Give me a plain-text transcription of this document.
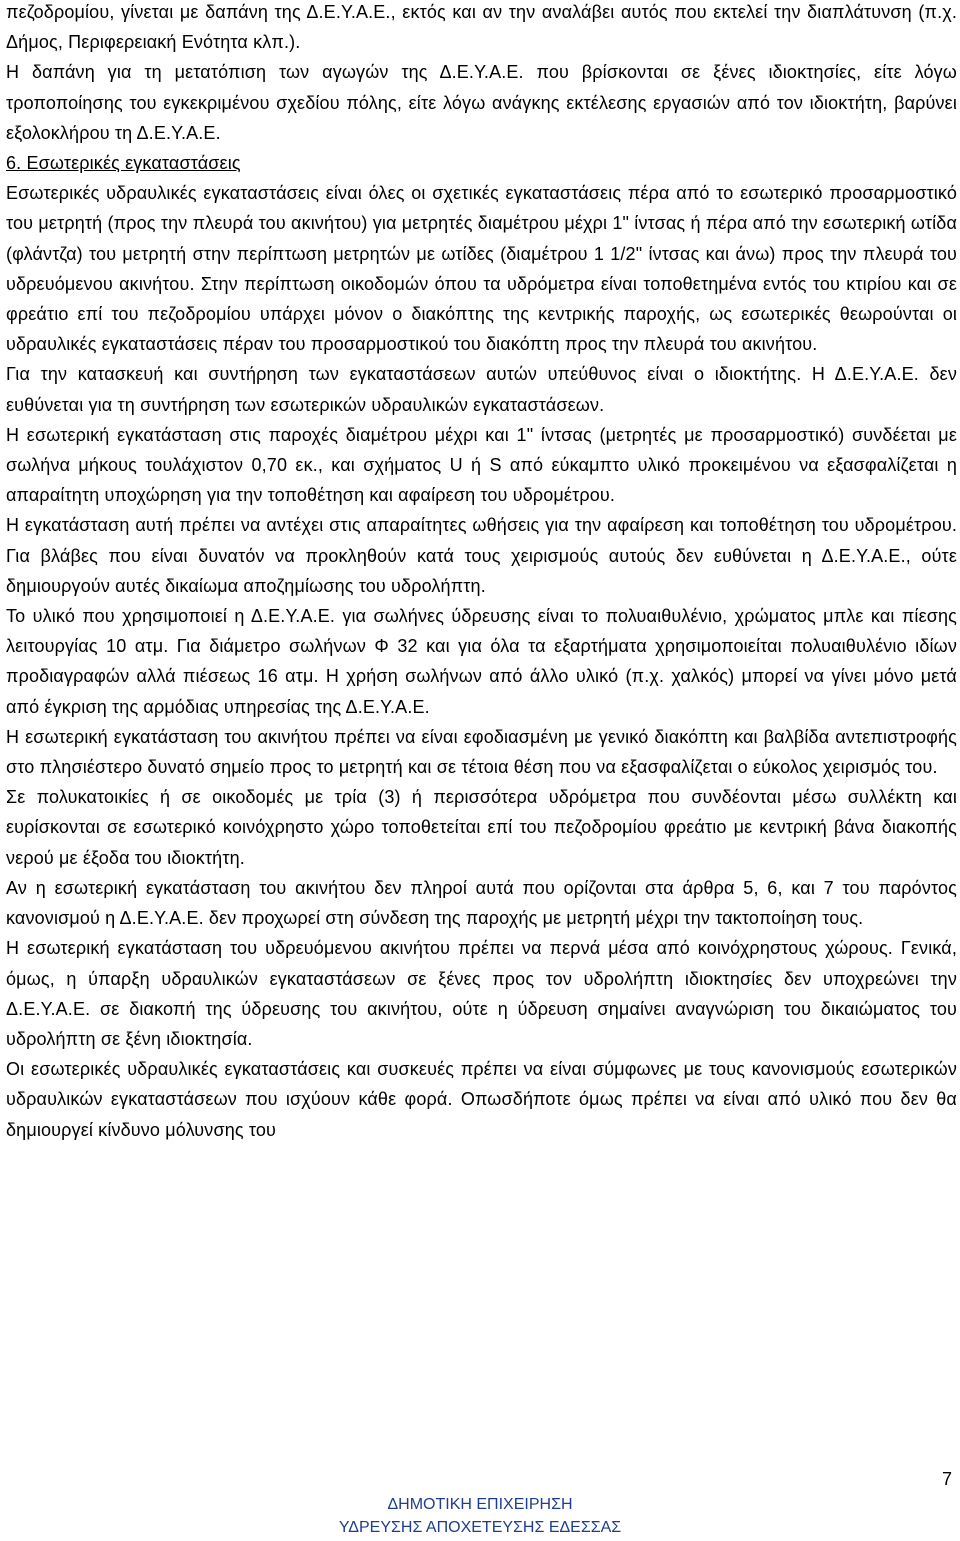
πεζοδρομίου, γίνεται με δαπάνη της Δ.Ε.Υ.Α.Ε., εκτός και αν την αναλάβει αυτός που εκτελεί την διαπλάτυνση (π.χ. Δήμος, Περιφερειακή Ενότητα κλπ.).

Η δαπάνη για τη μετατόπιση των αγωγών της Δ.Ε.Υ.Α.Ε. που βρίσκονται σε ξένες ιδιοκτησίες, είτε λόγω τροποποίησης του εγκεκριμένου σχεδίου πόλης, είτε λόγω ανάγκης εκτέλεσης εργασιών από τον ιδιοκτήτη, βαρύνει εξολοκλήρου τη Δ.Ε.Υ.Α.Ε.

6. Εσωτερικές εγκαταστάσεις

Εσωτερικές υδραυλικές εγκαταστάσεις είναι όλες οι σχετικές εγκαταστάσεις πέρα από το εσωτερικό προσαρμοστικό του μετρητή (προς την πλευρά του ακινήτου) για μετρητές διαμέτρου μέχρι 1" ίντσας ή πέρα από την εσωτερική ωτίδα (φλάντζα) του μετρητή στην περίπτωση μετρητών με ωτίδες (διαμέτρου 1 1/2" ίντσας και άνω) προς την πλευρά του υδρευόμενου ακινήτου. Στην περίπτωση οικοδομών όπου τα υδρόμετρα είναι τοποθετημένα εντός του κτιρίου και σε φρεάτιο επί του πεζοδρομίου υπάρχει μόνον ο διακόπτης της κεντρικής παροχής, ως εσωτερικές θεωρούνται οι υδραυλικές εγκαταστάσεις πέραν του προσαρμοστικού του διακόπτη προς την πλευρά του ακινήτου.

Για την κατασκευή και συντήρηση των εγκαταστάσεων αυτών υπεύθυνος είναι ο ιδιοκτήτης. Η Δ.Ε.Υ.Α.Ε. δεν ευθύνεται για τη συντήρηση των εσωτερικών υδραυλικών εγκαταστάσεων.

Η εσωτερική εγκατάσταση στις παροχές διαμέτρου μέχρι και 1" ίντσας (μετρητές με προσαρμοστικό) συνδέεται με σωλήνα μήκους τουλάχιστον 0,70 εκ., και σχήματος U ή S από εύκαμπτο υλικό προκειμένου να εξασφαλίζεται η απαραίτητη υποχώρηση για την τοποθέτηση και αφαίρεση του υδρομέτρου.

Η εγκατάσταση αυτή πρέπει να αντέχει στις απαραίτητες ωθήσεις για την αφαίρεση και τοποθέτηση του υδρομέτρου. Για βλάβες που είναι δυνατόν να προκληθούν κατά τους χειρισμούς αυτούς δεν ευθύνεται η Δ.Ε.Υ.Α.Ε., ούτε δημιουργούν αυτές δικαίωμα αποζημίωσης του υδρολήπτη.

Το υλικό που χρησιμοποιεί η Δ.Ε.Υ.Α.Ε. για σωλήνες ύδρευσης είναι το πολυαιθυλένιο, χρώματος μπλε και πίεσης λειτουργίας 10 ατμ. Για διάμετρο σωλήνων Φ 32 και για όλα τα εξαρτήματα χρησιμοποιείται πολυαιθυλένιο ιδίων προδιαγραφών αλλά πιέσεως 16 ατμ. Η χρήση σωλήνων από άλλο υλικό (π.χ. χαλκός) μπορεί να γίνει μόνο μετά από έγκριση της αρμόδιας υπηρεσίας της Δ.Ε.Υ.Α.Ε.

Η εσωτερική εγκατάσταση του ακινήτου πρέπει να είναι εφοδιασμένη με γενικό διακόπτη και βαλβίδα αντεπιστροφής στο πλησιέστερο δυνατό σημείο προς το μετρητή και σε τέτοια θέση που να εξασφαλίζεται ο εύκολος χειρισμός του.

Σε πολυκατοικίες ή σε οικοδομές με τρία (3) ή περισσότερα υδρόμετρα που συνδέονται μέσω συλλέκτη και ευρίσκονται σε εσωτερικό κοινόχρηστο χώρο τοποθετείται επί του πεζοδρομίου φρεάτιο με κεντρική βάνα διακοπής νερού με έξοδα του ιδιοκτήτη.

Αν η εσωτερική εγκατάσταση του ακινήτου δεν πληροί αυτά που ορίζονται στα άρθρα 5, 6, και 7 του παρόντος κανονισμού η Δ.Ε.Υ.Α.Ε. δεν προχωρεί στη σύνδεση της παροχής με μετρητή μέχρι την τακτοποίηση τους.

Η εσωτερική εγκατάσταση του υδρευόμενου ακινήτου πρέπει να περνά μέσα από κοινόχρηστους χώρους. Γενικά, όμως, η ύπαρξη υδραυλικών εγκαταστάσεων σε ξένες προς τον υδρολήπτη ιδιοκτησίες δεν υποχρεώνει την Δ.Ε.Υ.Α.Ε. σε διακοπή της ύδρευσης του ακινήτου, ούτε η ύδρευση σημαίνει αναγνώριση του δικαιώματος του υδρολήπτη σε ξένη ιδιοκτησία.

Οι εσωτερικές υδραυλικές εγκαταστάσεις και συσκευές πρέπει να είναι σύμφωνες με τους κανονισμούς εσωτερικών υδραυλικών εγκαταστάσεων που ισχύουν κάθε φορά. Οπωσδήποτε όμως πρέπει να είναι από υλικό που δεν θα δημιουργεί κίνδυνο μόλυνσης του

7
ΔΗΜΟΤΙΚΗ ΕΠΙΧΕΙΡΗΣΗ
ΥΔΡΕΥΣΗΣ ΑΠΟΧΕΤΕΥΣΗΣ ΕΔΕΣΣΑΣ
